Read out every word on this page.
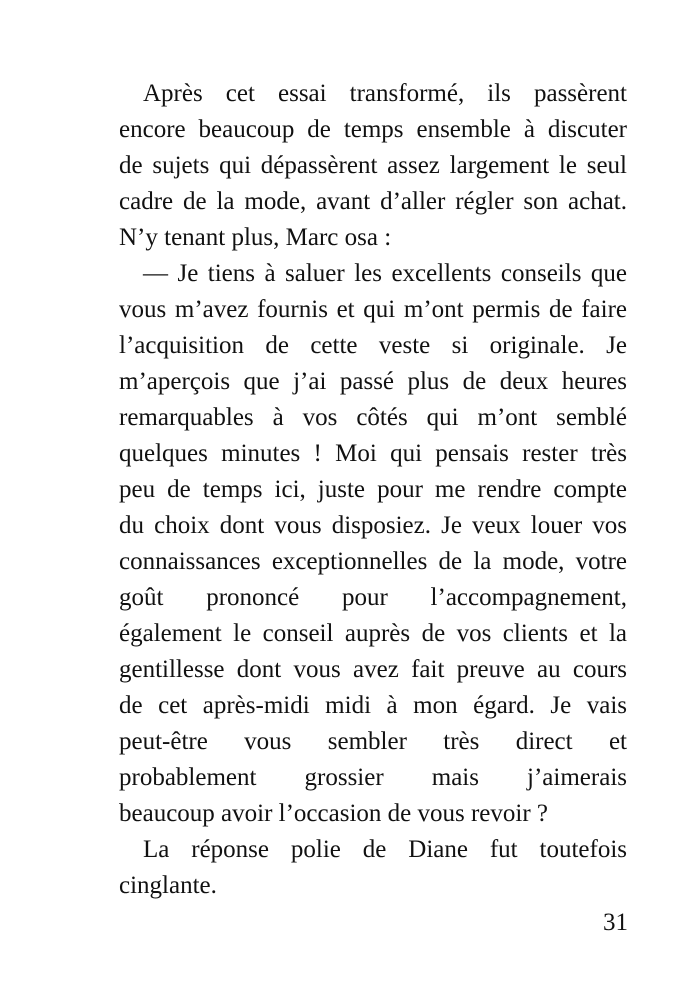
Après cet essai transformé, ils passèrent
encore beaucoup de temps ensemble à discuter
de sujets qui dépassèrent assez largement le seul
cadre de la mode, avant d’aller régler son achat.
N’y tenant plus, Marc osa :
— Je tiens à saluer les excellents conseils que
vous m’avez fournis et qui m’ont permis de faire
l’acquisition de cette veste si originale. Je
m’aperçois que j’ai passé plus de deux heures
remarquables à vos côtés qui m’ont semblé
quelques minutes ! Moi qui pensais rester très
peu de temps ici, juste pour me rendre compte
du choix dont vous disposiez. Je veux louer vos
connaissances exceptionnelles de la mode, votre
goût prononcé pour l’accompagnement,
également le conseil auprès de vos clients et la
gentillesse dont vous avez fait preuve au cours
de cet après-midi midi à mon égard. Je vais
peut-être vous sembler très direct et
probablement grossier mais j’aimerais
beaucoup avoir l’occasion de vous revoir ?
La réponse polie de Diane fut toutefois
cinglante.
31
